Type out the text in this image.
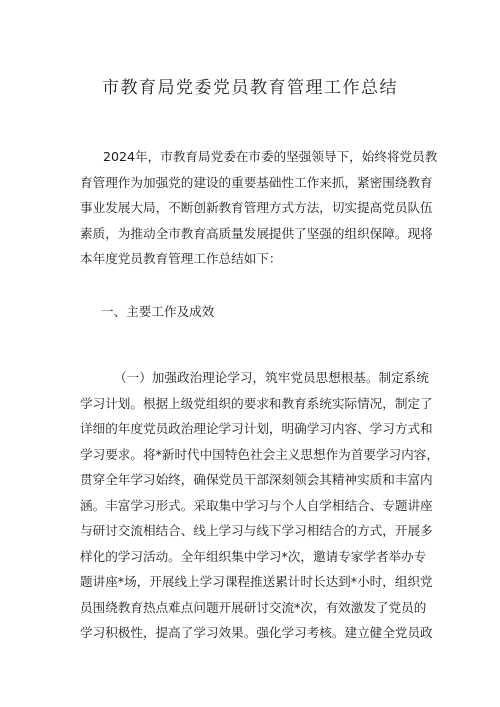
市教育局党委党员教育管理工作总结

2024年，市教育局党委在市委的坚强领导下，始终将党员教
育管理作为加强党的建设的重要基础性工作来抓，紧密围绕教育
事业发展大局，不断创新教育管理方式方法，切实提高党员队伍
素质，为推动全市教育高质量发展提供了坚强的组织保障。现将
本年度党员教育管理工作总结如下：

一、主要工作及成效

（一）加强政治理论学习，筑牢党员思想根基。制定系统
学习计划。根据上级党组织的要求和教育系统实际情况，制定了
详细的年度党员政治理论学习计划，明确学习内容、学习方式和
学习要求。将*新时代中国特色社会主义思想作为首要学习内容，
贯穿全年学习始终，确保党员干部深刻领会其精神实质和丰富内
涵。丰富学习形式。采取集中学习与个人自学相结合、专题讲座
与研讨交流相结合、线上学习与线下学习相结合的方式，开展多
样化的学习活动。全年组织集中学习*次，邀请专家学者举办专
题讲座*场，开展线上学习课程推送累计时长达到*小时，组织党
员围绕教育热点难点问题开展研讨交流*次，有效激发了党员的
学习积极性，提高了学习效果。强化学习考核。建立健全党员政
